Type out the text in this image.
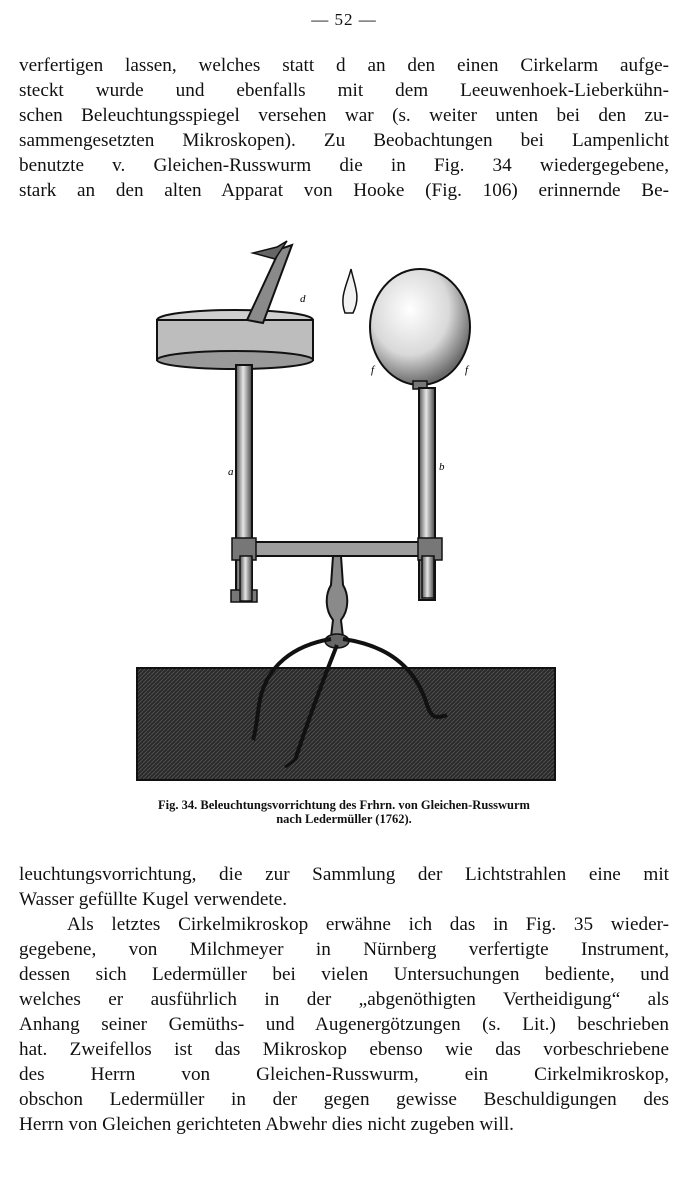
— 52 —
verfertigen lassen, welches statt d an den einen Cirkelarm aufge-
steckt wurde und ebenfalls mit dem Leeuwenhoek-Lieberkühn-
schen Beleuchtungsspiegel versehen war (s. weiter unten bei den zu-
sammengesetzten Mikroskopen). Zu Beobachtungen bei Lampenlicht
benutzte v. Gleichen-Russwurm die in Fig. 34 wiedergegebene,
stark an den alten Apparat von Hooke (Fig. 106) erinnernde Be-
d
f	f
a	b
Fig. 34. Beleuchtungsvorrichtung des Frhrn. von Gleichen-Russwurm
nach Ledermüller (1762).
leuchtungsvorrichtung, die zur Sammlung der Lichtstrahlen eine mit
Wasser gefüllte Kugel verwendete.
Als letztes Cirkelmikroskop erwähne ich das in Fig. 35 wieder-
gegebene, von Milchmeyer in Nürnberg verfertigte Instrument,
dessen sich Ledermüller bei vielen Untersuchungen bediente, und
welches er ausführlich in der „abgenöthigten Vertheidigung“ als
Anhang seiner Gemüths- und Augenergötzungen (s. Lit.) beschrieben
hat. Zweifellos ist das Mikroskop ebenso wie das vorbeschriebene
des Herrn von Gleichen-Russwurm, ein Cirkelmikroskop,
obschon Ledermüller in der gegen gewisse Beschuldigungen des
Herrn von Gleichen gerichteten Abwehr dies nicht zugeben will.
